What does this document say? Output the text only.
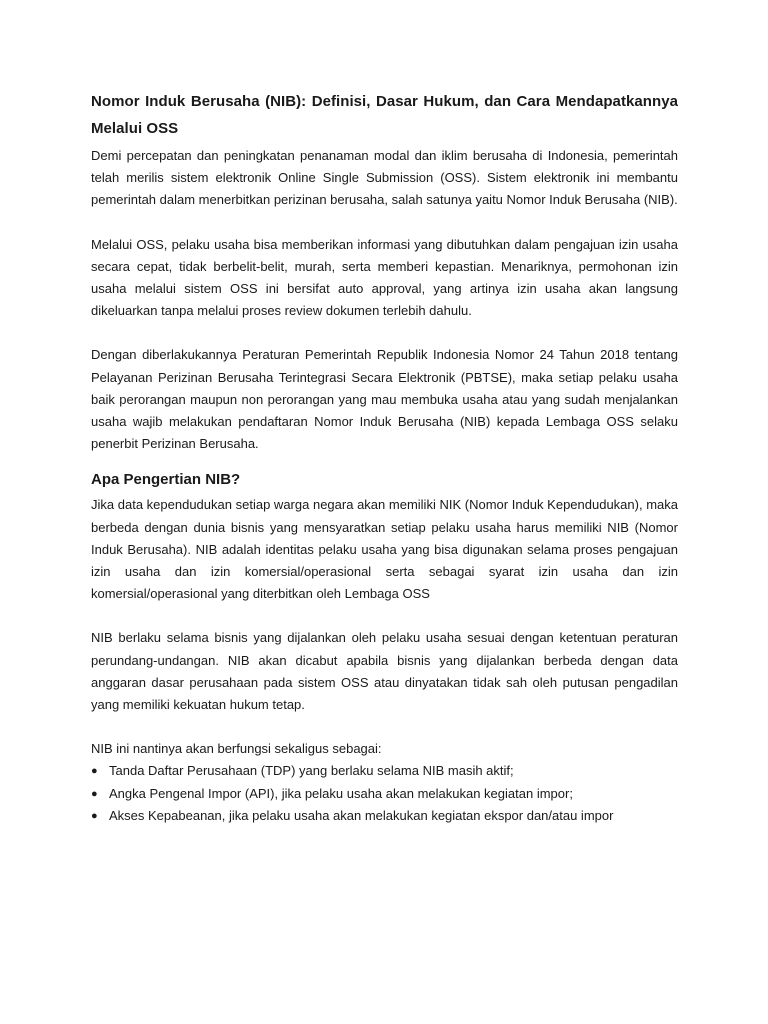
Nomor Induk Berusaha (NIB): Definisi, Dasar Hukum, dan Cara Mendapatkannya
Melalui OSS

Demi percepatan dan peningkatan penanaman modal dan iklim berusaha di Indonesia, pemerintah telah merilis sistem elektronik Online Single Submission (OSS). Sistem elektronik ini membantu pemerintah dalam menerbitkan perizinan berusaha, salah satunya yaitu Nomor Induk Berusaha (NIB).

Melalui OSS, pelaku usaha bisa memberikan informasi yang dibutuhkan dalam pengajuan izin usaha secara cepat, tidak berbelit-belit, murah, serta memberi kepastian. Menariknya, permohonan izin usaha melalui sistem OSS ini bersifat auto approval, yang artinya izin usaha akan langsung dikeluarkan tanpa melalui proses review dokumen terlebih dahulu.

Dengan diberlakukannya Peraturan Pemerintah Republik Indonesia Nomor 24 Tahun 2018 tentang Pelayanan Perizinan Berusaha Terintegrasi Secara Elektronik (PBTSE), maka setiap pelaku usaha baik perorangan maupun non perorangan yang mau membuka usaha atau yang sudah menjalankan usaha wajib melakukan pendaftaran Nomor Induk Berusaha (NIB) kepada Lembaga OSS selaku penerbit Perizinan Berusaha.

Apa Pengertian NIB?

Jika data kependudukan setiap warga negara akan memiliki NIK (Nomor Induk Kependudukan), maka berbeda dengan dunia bisnis yang mensyaratkan setiap pelaku usaha harus memiliki NIB (Nomor Induk Berusaha). NIB adalah identitas pelaku usaha yang bisa digunakan selama proses pengajuan izin usaha dan izin komersial/operasional serta sebagai syarat izin usaha dan izin komersial/operasional yang diterbitkan oleh Lembaga OSS

NIB berlaku selama bisnis yang dijalankan oleh pelaku usaha sesuai dengan ketentuan peraturan perundang-undangan. NIB akan dicabut apabila bisnis yang dijalankan berbeda dengan data anggaran dasar perusahaan pada sistem OSS atau dinyatakan tidak sah oleh putusan pengadilan yang memiliki kekuatan hukum tetap.

NIB ini nantinya akan berfungsi sekaligus sebagai:

● Tanda Daftar Perusahaan (TDP) yang berlaku selama NIB masih aktif;
● Angka Pengenal Impor (API), jika pelaku usaha akan melakukan kegiatan impor;
● Akses Kepabeanan, jika pelaku usaha akan melakukan kegiatan ekspor dan/atau impor
